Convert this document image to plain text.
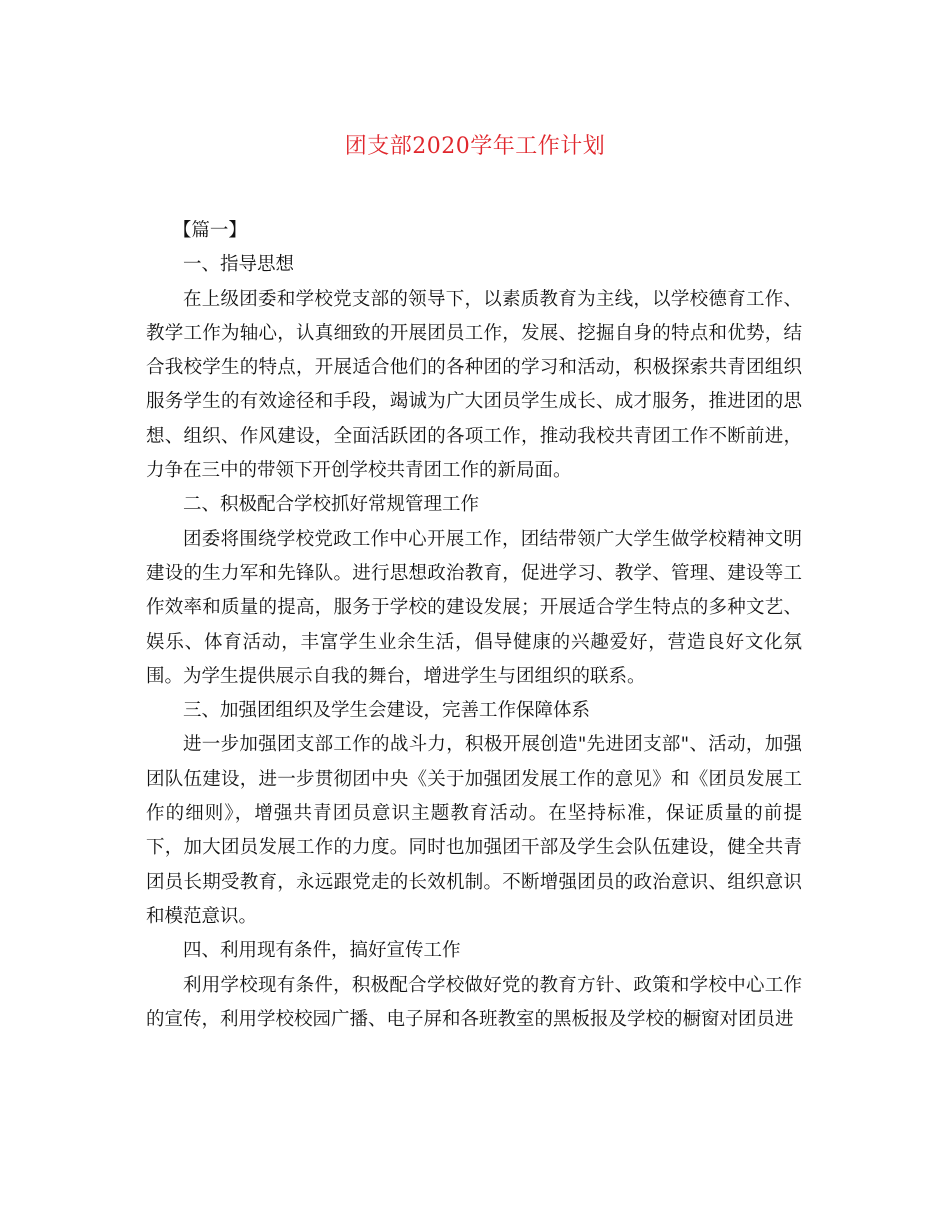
团支部2020学年工作计划

【篇一】

一、指导思想

在上级团委和学校党支部的领导下，以素质教育为主线，以学校德育工作、教学工作为轴心，认真细致的开展团员工作，发展、挖掘自身的特点和优势，结合我校学生的特点，开展适合他们的各种团的学习和活动，积极探索共青团组织服务学生的有效途径和手段，竭诚为广大团员学生成长、成才服务，推进团的思想、组织、作风建设，全面活跃团的各项工作，推动我校共青团工作不断前进，力争在三中的带领下开创学校共青团工作的新局面。

二、积极配合学校抓好常规管理工作

团委将围绕学校党政工作中心开展工作，团结带领广大学生做学校精神文明建设的生力军和先锋队。进行思想政治教育，促进学习、教学、管理、建设等工作效率和质量的提高，服务于学校的建设发展；开展适合学生特点的多种文艺、娱乐、体育活动，丰富学生业余生活，倡导健康的兴趣爱好，营造良好文化氛围。为学生提供展示自我的舞台，增进学生与团组织的联系。

三、加强团组织及学生会建设，完善工作保障体系

进一步加强团支部工作的战斗力，积极开展创造"先进团支部"、活动，加强团队伍建设，进一步贯彻团中央《关于加强团发展工作的意见》和《团员发展工作的细则》，增强共青团员意识主题教育活动。在坚持标准，保证质量的前提下，加大团员发展工作的力度。同时也加强团干部及学生会队伍建设，健全共青团员长期受教育，永远跟党走的长效机制。不断增强团员的政治意识、组织意识和模范意识。

四、利用现有条件，搞好宣传工作

利用学校现有条件，积极配合学校做好党的教育方针、政策和学校中心工作的宣传，利用学校校园广播、电子屏和各班教室的黑板报及学校的橱窗对团员进
